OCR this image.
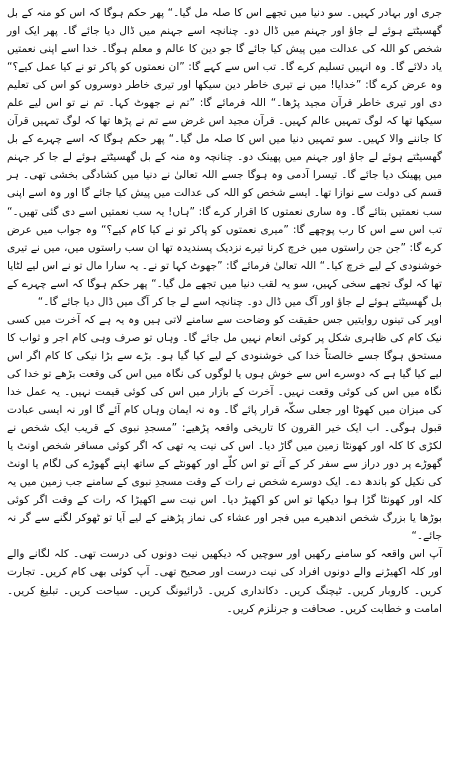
جری اور بہادر کہیں۔ سو دنیا میں تجھے اس کا صلہ مل گیا۔“ پھر حکم ہوگا کہ اس کو منہ کے بل گھسیٹتے ہوئے لے جاؤ اور جہنم میں ڈال دو۔ چنانچہ اسے جہنم میں ڈال دیا جائے گا۔ پھر ایک اور شخص کو اللہ کی عدالت میں پیش کیا جائے گا جو دین کا عالم و معلم ہوگا۔ خدا اسے اپنی نعمتیں یاد دلائے گا۔ وہ انہیں تسلیم کرے گا۔ تب اس سے کہے گا: ”ان نعمتوں کو پاکر تو نے کیا عمل کیے؟“ وہ عرض کرے گا: ”خدایا! میں نے تیری خاطر دین سیکھا اور تیری خاطر دوسروں کو اس کی تعلیم دی اور تیری خاطر قرآن مجید پڑھا۔“ اللہ فرمائے گا: ”تم نے جھوٹ کہا۔ تم نے تو اس لیے علم سیکھا تھا کہ لوگ تمہیں عالم کہیں۔ قرآن مجید اس غرض سے تم نے پڑھا تھا کہ لوگ تمہیں قرآن کا جاننے والا کہیں۔ سو تمہیں دنیا میں اس کا صلہ مل گیا۔“ پھر حکم ہوگا کہ اسے چہرے کے بل گھسیٹتے ہوئے لے جاؤ اور جہنم میں پھینک دو۔ چنانچہ وہ منہ کے بل گھسیٹتے ہوئے لے جا کر جہنم میں پھینک دیا جائے گا۔ تیسرا آدمی وہ ہوگا جسے اللہ تعالیٰ نے دنیا میں کشادگی بخشی تھی۔ ہر قسم کی دولت سے نوازا تھا۔ ایسے شخص کو اللہ کی عدالت میں پیش کیا جائے گا اور وہ اسے اپنی سب نعمتیں بتائے گا۔ وہ ساری نعمتوں کا اقرار کرے گا: ”ہاں! یہ سب نعمتیں اسے دی گئی تھیں۔“ تب اس سے اس کا رب پوچھے گا: ”میری نعمتوں کو پاکر تو نے کیا کام کیے؟“ وہ جواب میں عرض کرے گا: ”جن جن راستوں میں خرچ کرنا تیرے نزدیک پسندیدہ تھا ان سب راستوں میں، میں نے تیری خوشنودی کے لیے خرچ کیا۔“ اللہ تعالیٰ فرمائے گا: ”جھوٹ کہا تو نے۔ یہ سارا مال تو نے اس لیے لٹایا تھا کہ لوگ تجھے سخی کہیں، سو یہ لقب دنیا میں تجھے مل گیا۔“ پھر حکم ہوگا کہ اسے چہرے کے بل گھسیٹتے ہوئے لے جاؤ اور آگ میں ڈال دو۔ چنانچہ اسے لے جا کر آگ میں ڈال دیا جائے گا۔“

اوپر کی تینوں روایتیں جس حقیقت کو وضاحت سے سامنے لاتی ہیں وہ یہ ہے کہ آخرت میں کسی نیک کام کی ظاہری شکل پر کوئی انعام نہیں مل جائے گا۔ وہاں تو صرف وہی کام اجر و ثواب کا مستحق ہوگا جسے خالصتاً خدا کی خوشنودی کے لیے کیا گیا ہو۔ بڑے سے بڑا نیکی کا کام اگر اس لیے کیا گیا ہے کہ دوسرے اس سے خوش ہوں یا لوگوں کی نگاہ میں اس کی وقعت بڑھے تو خدا کی نگاہ میں اس کی کوئی وقعت نہیں۔ آخرت کے بازار میں اس کی کوئی قیمت نہیں۔ یہ عمل خدا کی میزان میں کھوٹا اور جعلی سکّہ قرار پائے گا۔ وہ نہ ایمان وہاں کام آئے گا اور نہ ایسی عبادت قبول ہوگی۔ اب ایک خیر القرون کا تاریخی واقعہ پڑھیے: ”مسجدِ نبوی کے قریب ایک شخص نے لکڑی کا کلہ اور کھونٹا زمین میں گاڑ دیا۔ اس کی نیت یہ تھی کہ اگر کوئی مسافر شخص اونٹ یا گھوڑے پر دور دراز سے سفر کر کے آئے تو اس کلّے اور کھونٹے کے ساتھ اپنے گھوڑے کی لگام یا اونٹ کی نکیل کو باندھ دے۔ ایک دوسرے شخص نے رات کے وقت مسجدِ نبوی کے سامنے جب زمین میں یہ کلہ اور کھونٹا گڑا ہوا دیکھا تو اس کو اکھیڑ دیا۔ اس نیت سے اکھیڑا کہ رات کے وقت اگر کوئی بوڑھا یا بزرگ شخص اندھیرے میں فجر اور عشاء کی نماز پڑھنے کے لیے آیا تو ٹھوکر لگنے سے گر نہ جائے۔“

آپ اس واقعہ کو سامنے رکھیں اور سوچیں کہ دیکھیں نیت دونوں کی درست تھی۔ کلہ لگانے والے اور کلہ اکھیڑنے والے دونوں افراد کی نیت درست اور صحیح تھی۔ آپ کوئی بھی کام کریں۔ تجارت کریں۔ کاروبار کریں۔ ٹیچنگ کریں۔ دکانداری کریں۔ ڈرائیونگ کریں۔ سیاحت کریں۔ تبلیغ کریں۔ امامت و خطابت کریں۔ صحافت و جرنلزم کریں۔
